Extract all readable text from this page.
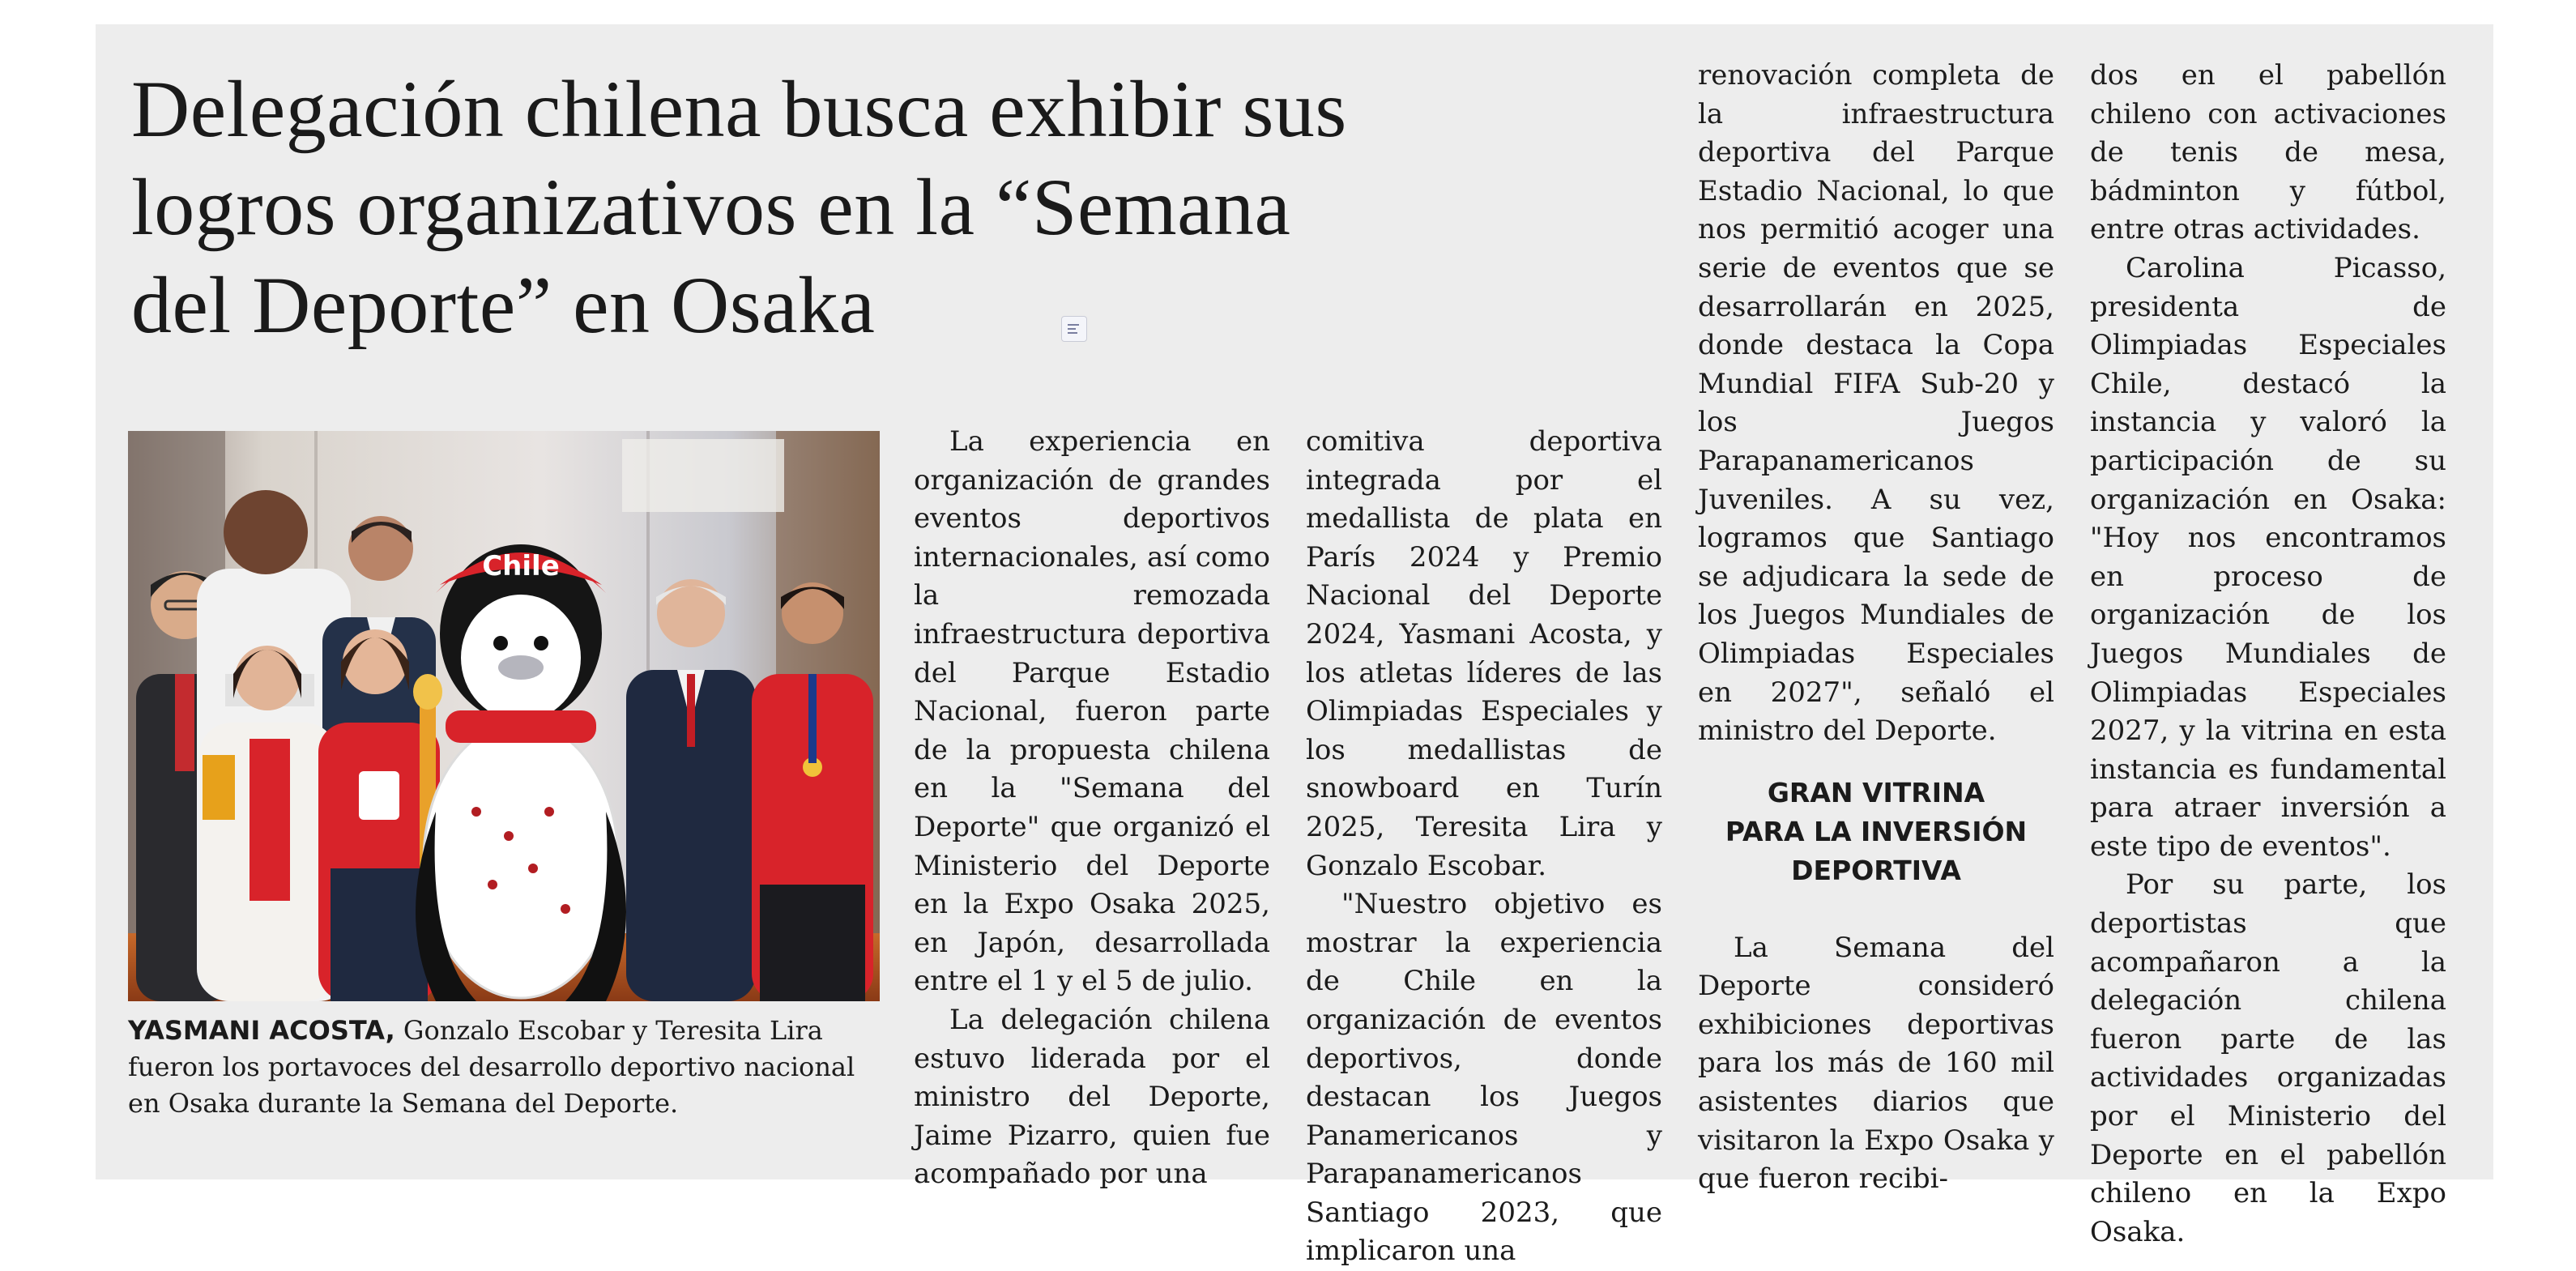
Delegación chilena busca exhibir sus
logros organizativos en la “Semana
del Deporte” en Osaka
Chile
YASMANI ACOSTA, Gonzalo Escobar y Teresita Lira fueron los portavoces del desarrollo deportivo nacional en Osaka durante la Semana del Deporte.

La experiencia en organización de grandes eventos deportivos internacionales, así como la remozada infraestructura deportiva del Parque Estadio Nacional, fueron parte de la propuesta chilena en la "Semana del Deporte" que organizó el Ministerio del Deporte en la Expo Osaka 2025, en Japón, desarrollada entre el 1 y el 5 de julio.

La delegación chilena estuvo liderada por el ministro del Deporte, Jaime Pizarro, quien fue acompañado por una

comitiva deportiva integrada por el medallista de plata en París 2024 y Premio Nacional del Deporte 2024, Yasmani Acosta, y los atletas líderes de las Olimpiadas Especiales y los medallistas de snowboard en Turín 2025, Teresita Lira y Gonzalo Escobar.

"Nuestro objetivo es mostrar la experiencia de Chile en la organización de eventos deportivos, donde destacan los Juegos Panamericanos y Parapanamericanos Santiago 2023, que implicaron una

renovación completa de la infraestructura deportiva del Parque Estadio Nacional, lo que nos permitió acoger una serie de eventos que se desarrollarán en 2025, donde destaca la Copa Mundial FIFA Sub-20 y los Juegos Parapanamericanos Juveniles. A su vez, logramos que Santiago se adjudicara la sede de los Juegos Mundiales de Olimpiadas Especiales en 2027", señaló el ministro del Deporte.

GRAN VITRINA
PARA LA INVERSIÓN
DEPORTIVA

La Semana del Deporte consideró exhibiciones deportivas para los más de 160 mil asistentes diarios que visitaron la Expo Osaka y que fueron recibi-

dos en el pabellón chileno con activaciones de tenis de mesa, bádminton y fútbol, entre otras actividades.

Carolina Picasso, presidenta de Olimpiadas Especiales Chile, destacó la instancia y valoró la participación de su organización en Osaka: "Hoy nos encontramos en proceso de organización de los Juegos Mundiales de Olimpiadas Especiales 2027, y la vitrina en esta instancia es fundamental para atraer inversión a este tipo de eventos".

Por su parte, los deportistas que acompañaron a la delegación chilena fueron parte de las actividades organizadas por el Ministerio del Deporte en el pabellón chileno en la Expo Osaka.
